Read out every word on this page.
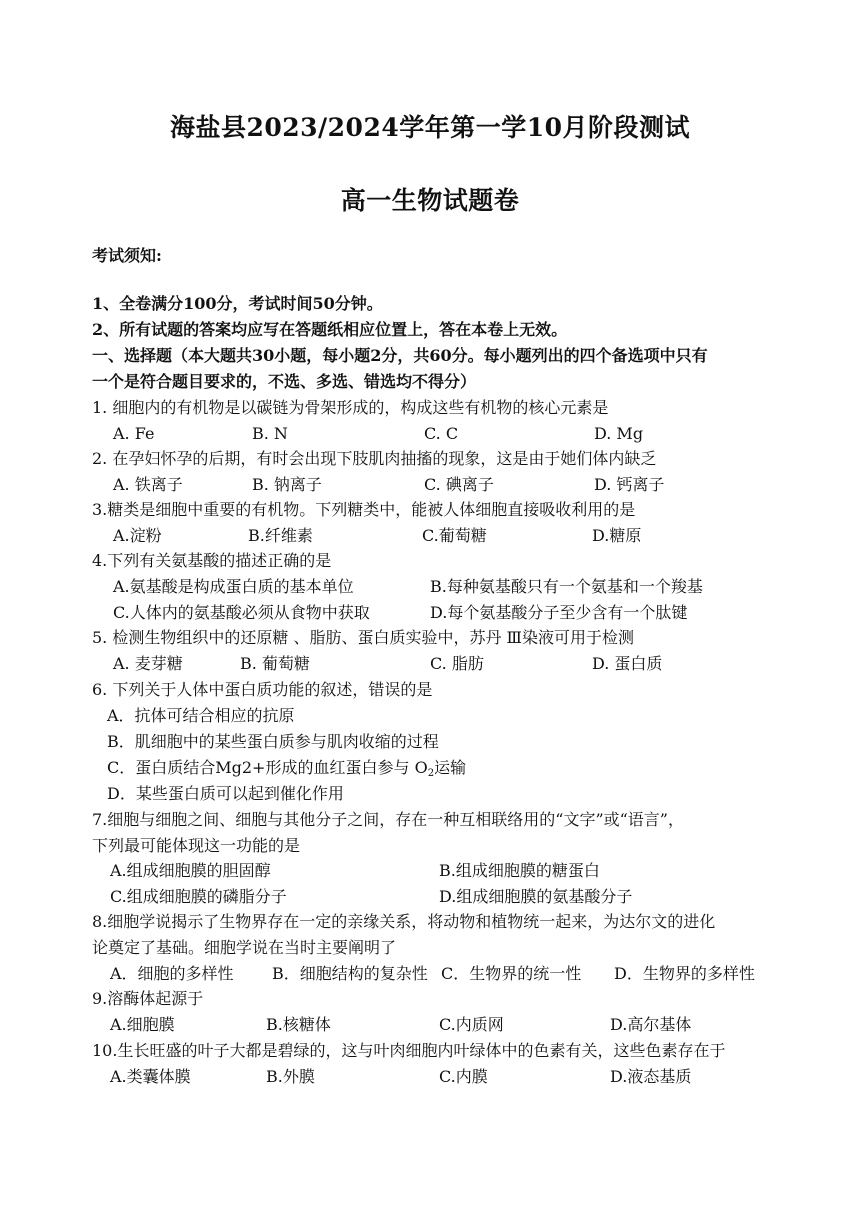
海盐县2023/2024学年第一学10月阶段测试
高一生物试题卷
考试须知:
1、全卷满分100分，考试时间50分钟。
2、所有试题的答案均应写在答题纸相应位置上，答在本卷上无效。
一、选择题（本大题共30小题，每小题2分，共60分。每小题列出的四个备选项中只有
一个是符合题目要求的，不选、多选、错选均不得分）
1. 细胞内的有机物是以碳链为骨架形成的，构成这些有机物的核心元素是
A. Fe	B. N	C. C	D. Mg
2. 在孕妇怀孕的后期，有时会出现下肢肌肉抽搐的现象，这是由于她们体内缺乏
A. 铁离子	B. 钠离子	C. 碘离子	D. 钙离子
3.糖类是细胞中重要的有机物。下列糖类中，能被人体细胞直接吸收利用的是
A.淀粉	B.纤维素	C.葡萄糖	D.糖原
4.下列有关氨基酸的描述正确的是
A.氨基酸是构成蛋白质的基本单位	B.每种氨基酸只有一个氨基和一个羧基
C.人体内的氨基酸必须从食物中获取	D.每个氨基酸分子至少含有一个肽键
5. 检测生物组织中的还原糖 、脂肪、蛋白质实验中，苏丹 Ⅲ染液可用于检测
A. 麦芽糖	B. 葡萄糖	C. 脂肪	D. 蛋白质
6. 下列关于人体中蛋白质功能的叙述，错误的是
A．抗体可结合相应的抗原
B．肌细胞中的某些蛋白质参与肌肉收缩的过程
C．蛋白质结合Mg2+形成的血红蛋白参与 $O_2$运输
D．某些蛋白质可以起到催化作用
7.细胞与细胞之间、细胞与其他分子之间，存在一种互相联络用的“文字”或“语言”，
下列最可能体现这一功能的是
A.组成细胞膜的胆固醇	B.组成细胞膜的糖蛋白
C.组成细胞膜的磷脂分子	D.组成细胞膜的氨基酸分子
8.细胞学说揭示了生物界存在一定的亲缘关系，将动物和植物统一起来，为达尔文的进化
论奠定了基础。细胞学说在当时主要阐明了
A．细胞的多样性 B．细胞结构的复杂性 C．生物界的统一性 D．生物界的多样性
9.溶酶体起源于
A.细胞膜	B.核糖体	C.内质网	D.高尔基体
10.生长旺盛的叶子大都是碧绿的，这与叶肉细胞内叶绿体中的色素有关，这些色素存在于
A.类囊体膜	B.外膜	C.内膜	D.液态基质
